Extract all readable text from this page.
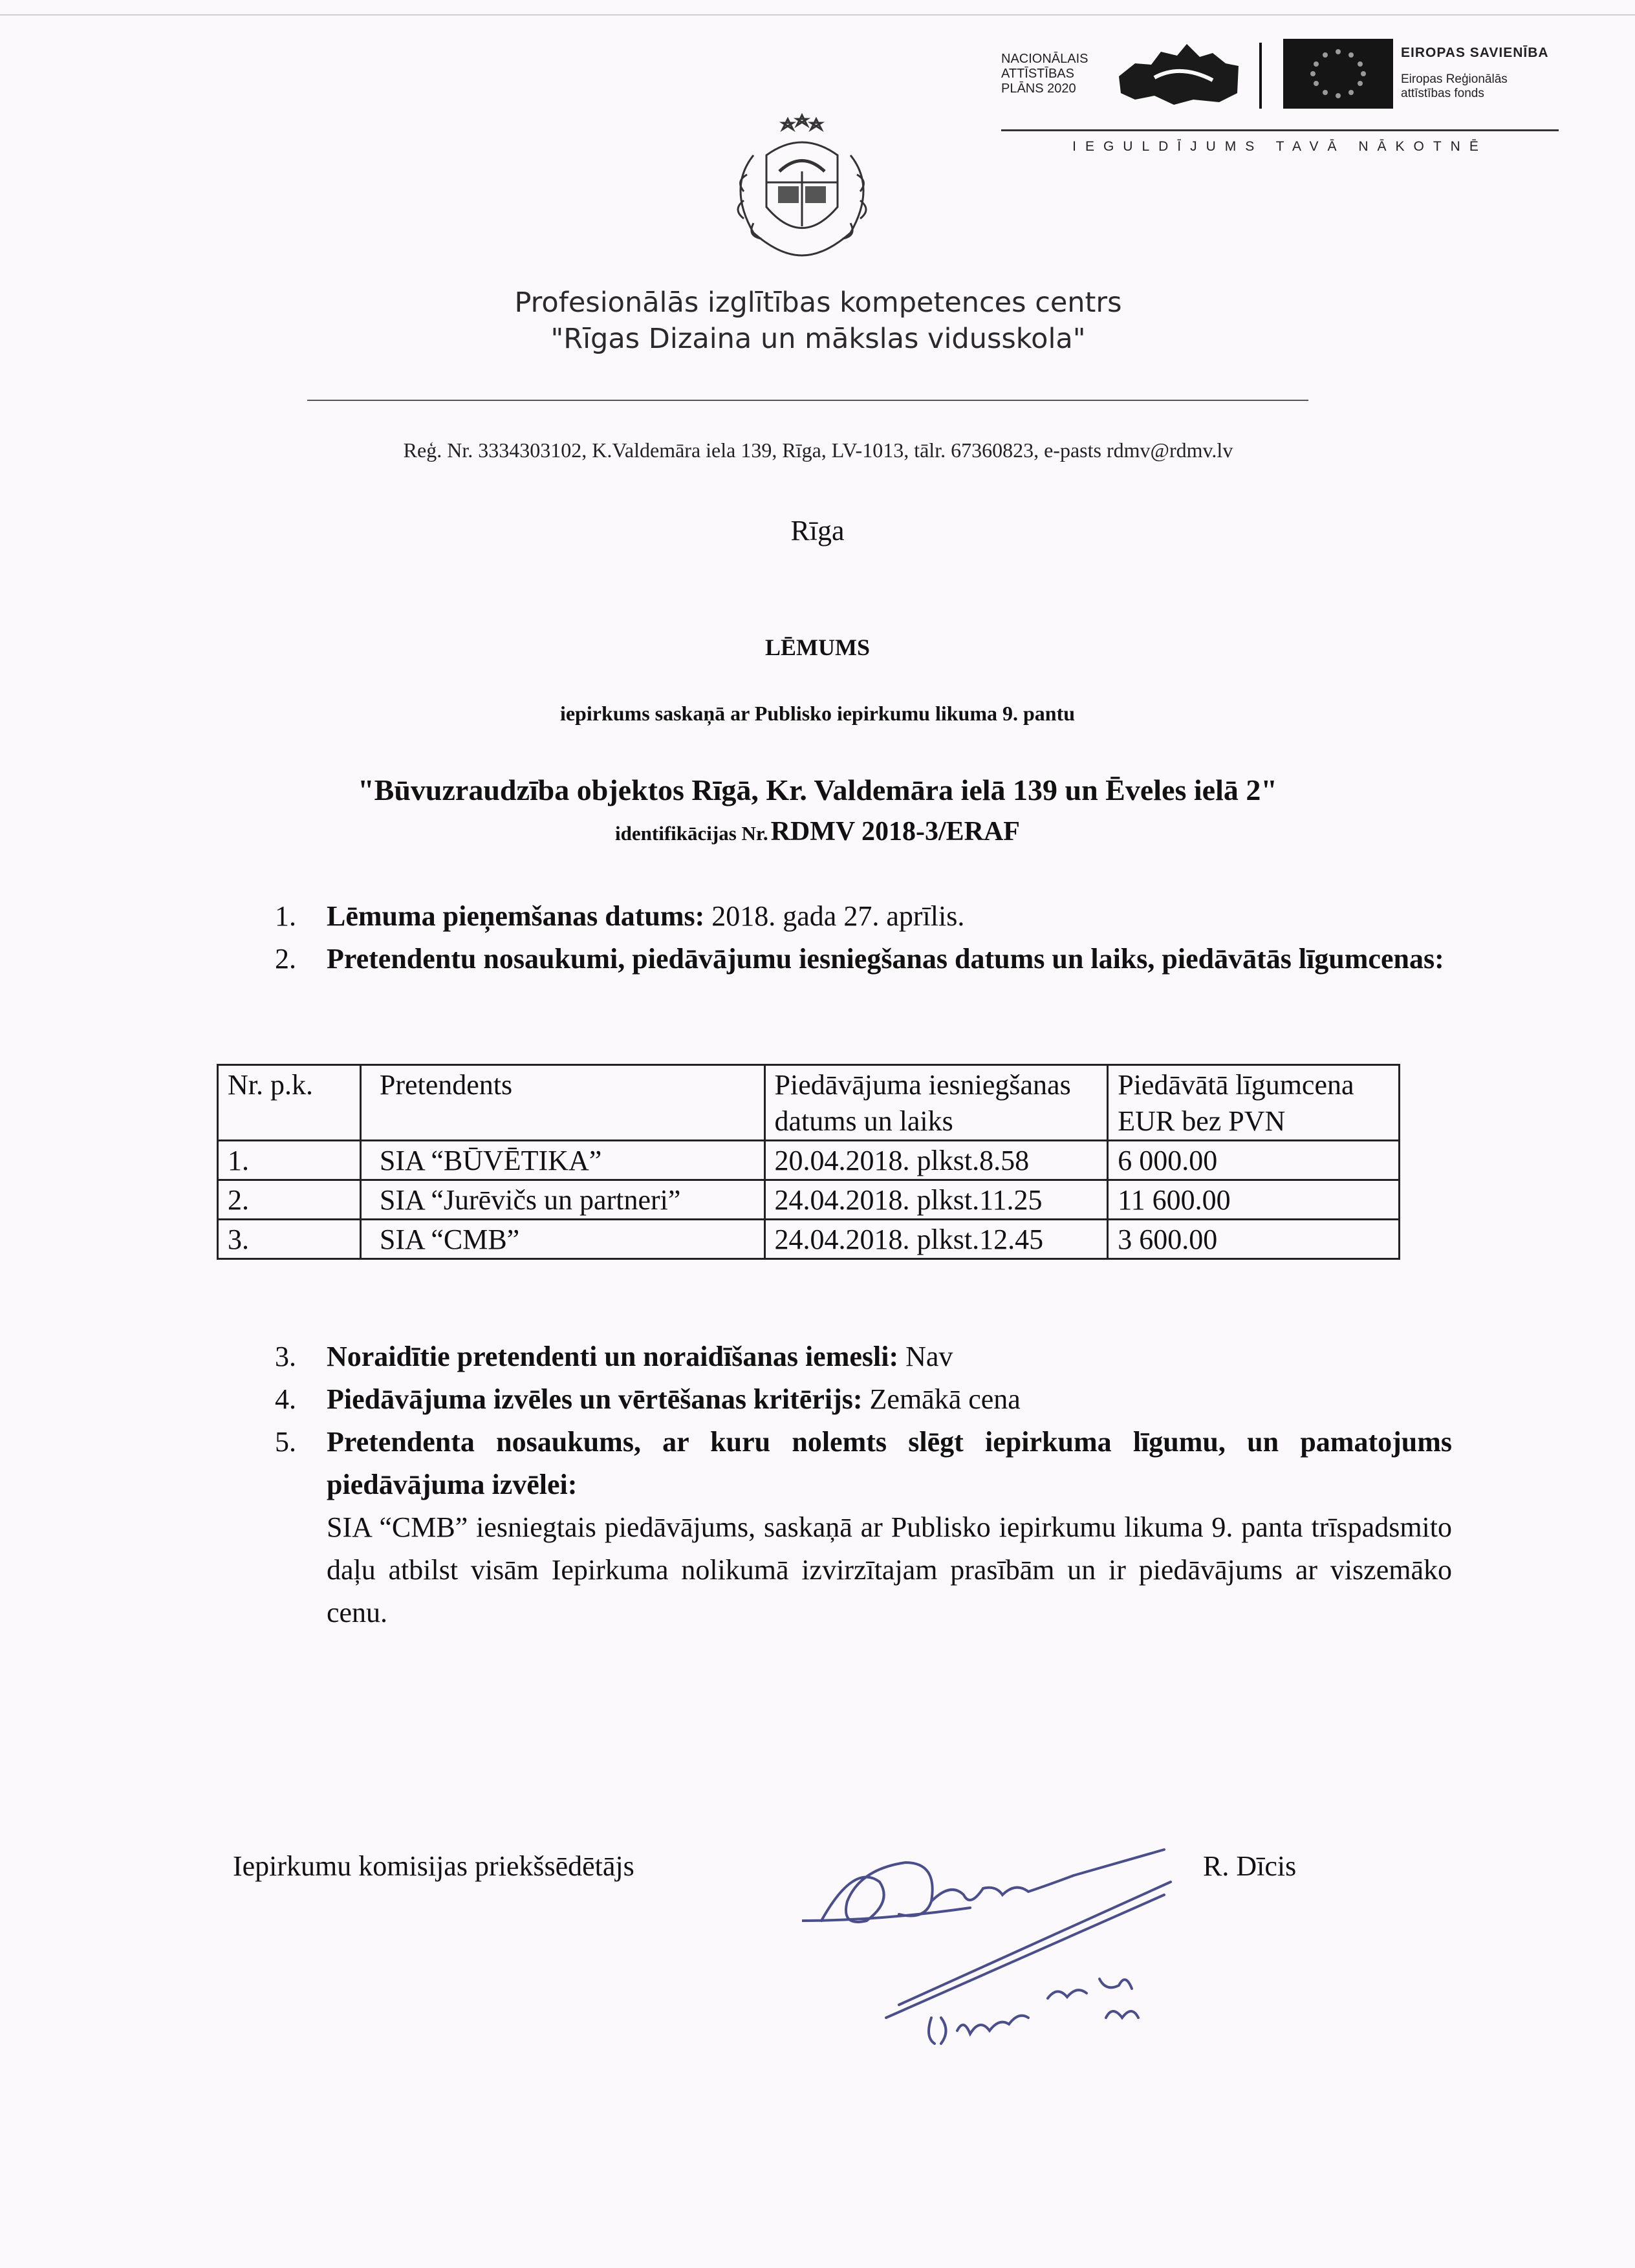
NACIONĀLAIS
ATTĪSTĪBAS
PLĀNS 2020
EIROPAS SAVIENĪBA
Eiropas Reģionālās
attīstības fonds
IEGULDĪJUMS TAVĀ NĀKOTNĒ
Profesionālās izglītības kompetences centrs
"Rīgas Dizaina un mākslas vidusskola"
Reģ. Nr. 3334303102, K.Valdemāra iela 139, Rīga, LV-1013, tālr. 67360823, e-pasts rdmv@rdmv.lv
Rīga
LĒMUMS
iepirkums saskaņā ar Publisko iepirkumu likuma 9. pantu
"Būvuzraudzība objektos Rīgā, Kr. Valdemāra ielā 139 un Ēveles ielā 2"
identifikācijas Nr. RDMV 2018-3/ERAF
1.	Lēmuma pieņemšanas datums: 2018. gada 27. aprīlis.
2.	Pretendentu nosaukumi, piedāvājumu iesniegšanas datums un laiks, piedāvātās līgumcenas:
Nr. p.k.	Pretendents	Piedāvājuma iesniegšanas datums un laiks	Piedāvātā līgumcena EUR bez PVN
1.	SIA “BŪVĒTIKA”	20.04.2018. plkst.8.58	6 000.00
2.	SIA “Jurēvičs un partneri”	24.04.2018. plkst.11.25	11 600.00
3.	SIA “CMB”	24.04.2018. plkst.12.45	3 600.00
3.	Noraidītie pretendenti un noraidīšanas iemesli: Nav
4.	Piedāvājuma izvēles un vērtēšanas kritērijs: Zemākā cena
5.	Pretendenta nosaukums, ar kuru nolemts slēgt iepirkuma līgumu, un pamatojums piedāvājuma izvēlei:
SIA “CMB” iesniegtais piedāvājums, saskaņā ar Publisko iepirkumu likuma 9. panta trīspadsmito daļu atbilst visām Iepirkuma nolikumā izvirzītajam prasībām un ir piedāvājums ar viszemāko cenu.
Iepirkumu komisijas priekšsēdētājs	R. Dīcis
